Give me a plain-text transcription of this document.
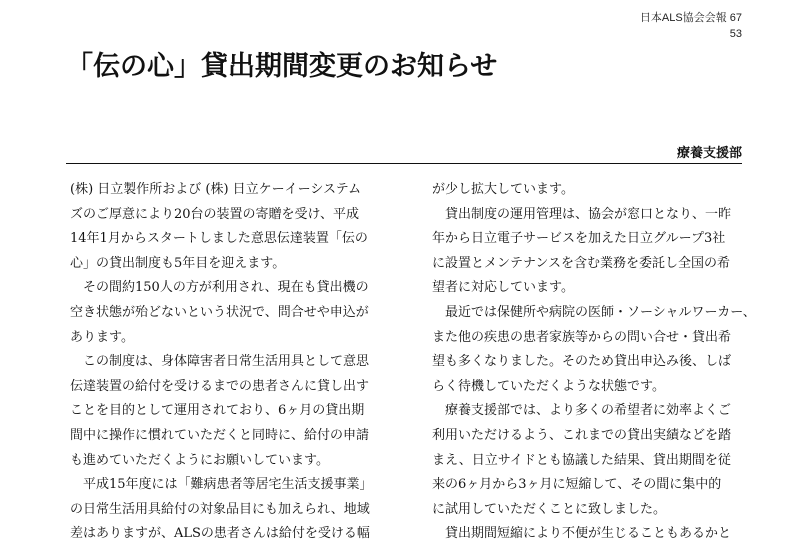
日本ALS協会会報 67
53
「伝の心」貸出期間変更のお知らせ
療養支援部
(株) 日立製作所および (株) 日立ケーイーシステム
ズのご厚意により20台の装置の寄贈を受け、平成
14年1月からスタートしました意思伝達装置「伝の
心」の貸出制度も5年目を迎えます。
　その間約150人の方が利用され、現在も貸出機の
空き状態が殆どないという状況で、問合せや申込が
あります。
　この制度は、身体障害者日常生活用具として意思
伝達装置の給付を受けるまでの患者さんに貸し出す
ことを目的として運用されており、6ヶ月の貸出期
間中に操作に慣れていただくと同時に、給付の申請
も進めていただくようにお願いしています。
　平成15年度には「難病患者等居宅生活支援事業」
の日常生活用具給付の対象品目にも加えられ、地域
差はありますが、ALSの患者さんは給付を受ける幅
が少し拡大しています。
　貸出制度の運用管理は、協会が窓口となり、一昨
年から日立電子サービスを加えた日立グループ3社
に設置とメンテナンスを含む業務を委託し全国の希
望者に対応しています。
　最近では保健所や病院の医師・ソーシャルワーカー、
また他の疾患の患者家族等からの問い合せ・貸出希
望も多くなりました。そのため貸出申込み後、しば
らく待機していただくような状態です。
　療養支援部では、より多くの希望者に効率よくご
利用いただけるよう、これまでの貸出実績などを踏
まえ、日立サイドとも協議した結果、貸出期間を従
来の6ヶ月から3ヶ月に短縮して、その間に集中的
に試用していただくことに致しました。
　貸出期間短縮により不便が生じることもあるかと
